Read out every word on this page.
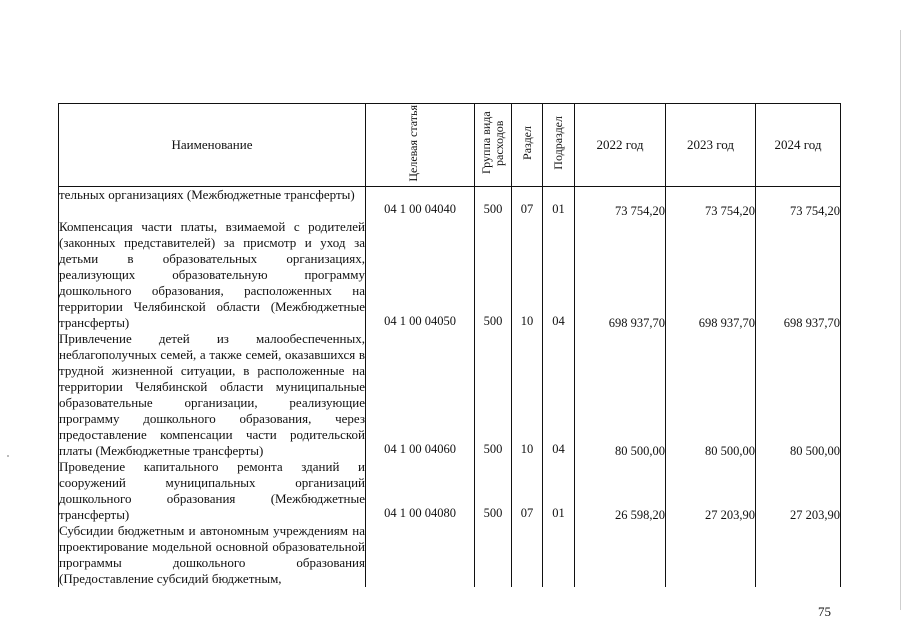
Наименование	Целевая статья	Группа вида расходов	Раздел	Подраздел	2022 год	2023 год	2024 год
тельных организациях (Межбюджетные трансферты)	04 1 00 04040	500	07	01	73 754,20	73 754,20	73 754,20
Компенсация части платы, взимаемой с родителей (законных представителей) за присмотр и уход за детьми в образовательных организациях, реализующих образовательную программу дошкольного образования, расположенных на территории Челябинской области (Межбюджетные трансферты)	04 1 00 04050	500	10	04	698 937,70	698 937,70	698 937,70
Привлечение детей из малообеспеченных, неблагополучных семей, а также семей, оказавшихся в трудной жизненной ситуации, в расположенные на территории Челябинской области муниципальные образовательные организации, реализующие программу дошкольного образования, через предоставление компенсации части родительской платы (Межбюджетные трансферты)	04 1 00 04060	500	10	04	80 500,00	80 500,00	80 500,00
Проведение капитального ремонта зданий и сооружений муниципальных организаций дошкольного образования (Межбюджетные трансферты)	04 1 00 04080	500	07	01	26 598,20	27 203,90	27 203,90
Субсидии бюджетным и автономным учреждениям на проектирование модельной основной образовательной программы дошкольного образования (Предоставление субсидий бюджетным,							
75
